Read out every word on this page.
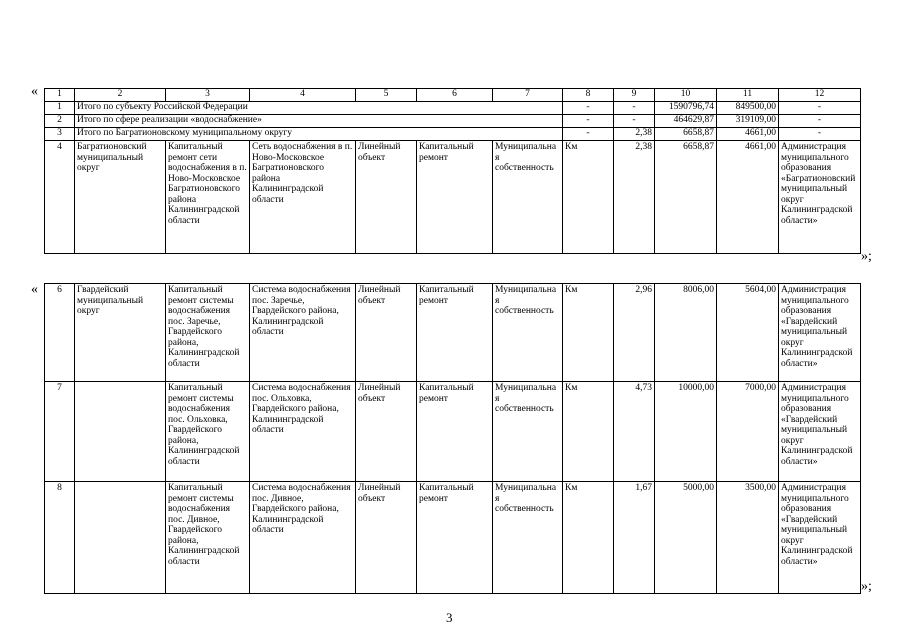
« 1	2	3	4	5	6	7	8	9	10	11	12
1	Итого по субъекту Российской Федерации						-	-	1590796,74	849500,00	-
2	Итого по сфере реализации «водоснабжение»						-	-	464629,87	319109,00	-
3	Итого по Багратионовскому муниципальному округу						-	2,38	6658,87	4661,00	-
4	Багратионовский муниципальный округ	Капитальный ремонт сети водоснабжения в п. Ново-Московское Багратионовского района Калининградской области	Сеть водоснабжения в п. Ново-Московское Багратионовского района Калининградской области	Линейный объект	Капитальный ремонт	Муниципальная собственность	Км	2,38	6658,87	4661,00	Администрация муниципального образования «Багратионовский муниципальный округ Калининградской области»
»;
« 6	Гвардейский муниципальный округ	Капитальный ремонт системы водоснабжения пос. Заречье, Гвардейского района, Калининградской области	Система водоснабжения пос. Заречье, Гвардейского района, Калининградской области	Линейный объект	Капитальный ремонт	Муниципальная собственность	Км	2,96	8006,00	5604,00	Администрация муниципального образования «Гвардейский муниципальный округ Калининградской области»
7		Капитальный ремонт системы водоснабжения пос. Ольховка, Гвардейского района, Калининградской области	Система водоснабжения пос. Ольховка, Гвардейского района, Калининградской области	Линейный объект	Капитальный ремонт	Муниципальная собственность	Км	4,73	10000,00	7000,00	Администрация муниципального образования «Гвардейский муниципальный округ Калининградской области»
8		Капитальный ремонт системы водоснабжения пос. Дивное, Гвардейского района, Калининградской области	Система водоснабжения пос. Дивное, Гвардейского района, Калининградской области	Линейный объект	Капитальный ремонт	Муниципальная собственность	Км	1,67	5000,00	3500,00	Администрация муниципального образования «Гвардейский муниципальный округ Калининградской области»
»;
3
